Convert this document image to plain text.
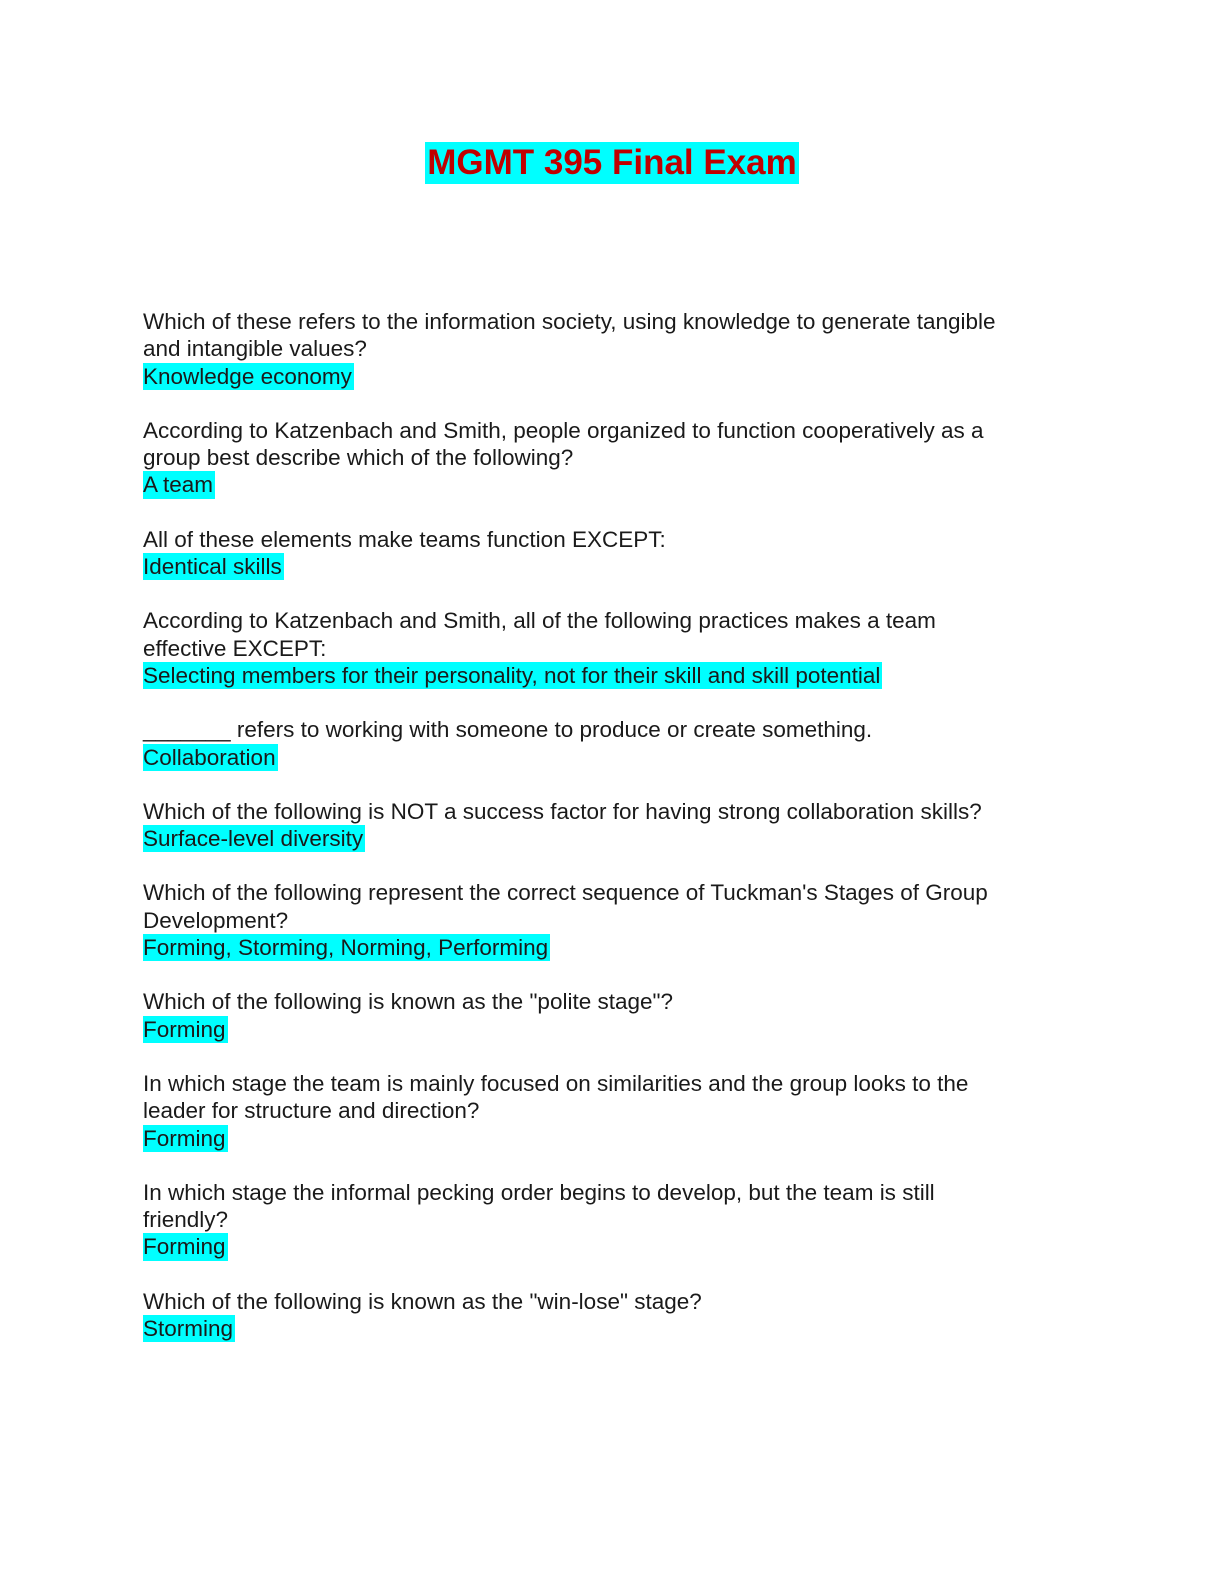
MGMT 395 Final Exam
Which of these refers to the information society, using knowledge to generate tangible
and intangible values?
Knowledge economy
According to Katzenbach and Smith, people organized to function cooperatively as a
group best describe which of the following?
A team
All of these elements make teams function EXCEPT:
Identical skills
According to Katzenbach and Smith, all of the following practices makes a team
effective EXCEPT:
Selecting members for their personality, not for their skill and skill potential
_______ refers to working with someone to produce or create something.
Collaboration
Which of the following is NOT a success factor for having strong collaboration skills?
Surface-level diversity
Which of the following represent the correct sequence of Tuckman's Stages of Group
Development?
Forming, Storming, Norming, Performing
Which of the following is known as the "polite stage"?
Forming
In which stage the team is mainly focused on similarities and the group looks to the
leader for structure and direction?
Forming
In which stage the informal pecking order begins to develop, but the team is still
friendly?
Forming
Which of the following is known as the "win-lose" stage?
Storming
